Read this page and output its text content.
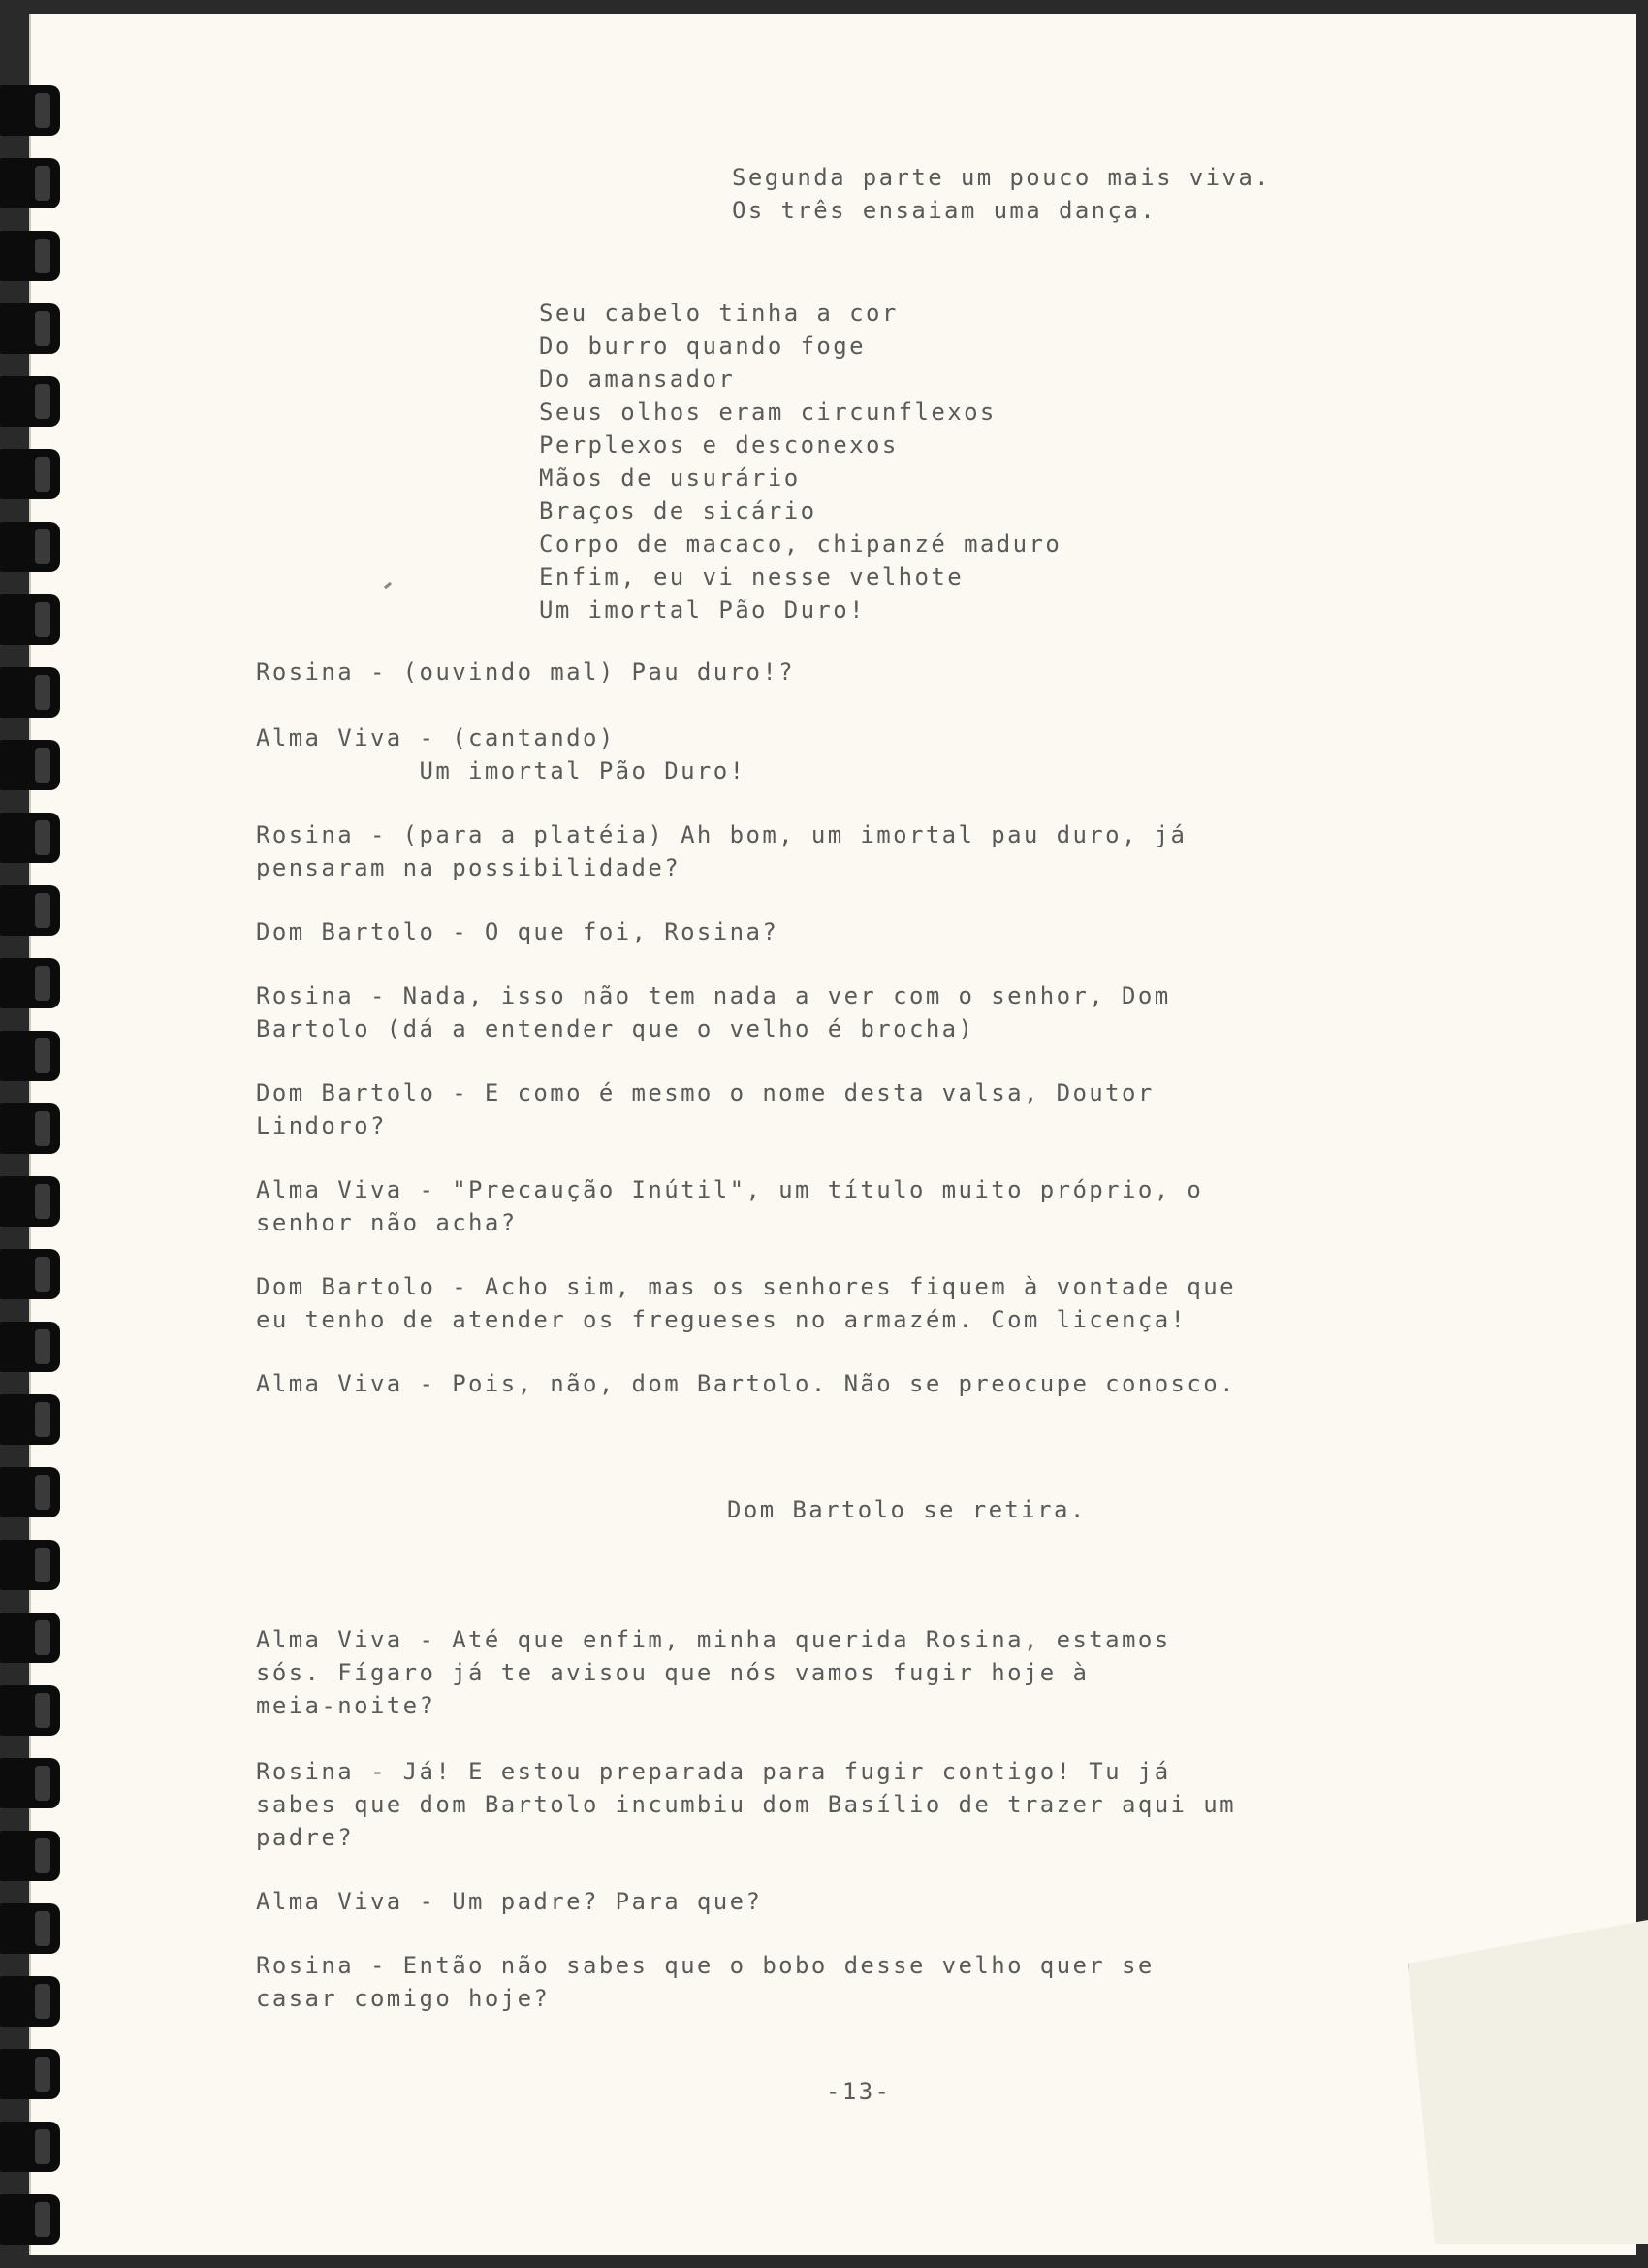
Segunda parte um pouco mais viva.

Os três ensaiam uma dança.

Seu cabelo tinha a cor

Do burro quando foge

Do amansador

Seus olhos eram circunflexos

Perplexos e desconexos

Mãos de usurário

Braços de sicário

Corpo de macaco, chipanzé maduro

Enfim, eu vi nesse velhote

Um imortal Pão Duro!

Rosina - (ouvindo mal) Pau duro!?

Alma Viva - (cantando)

Um imortal Pão Duro!

Rosina - (para a platéia) Ah bom, um imortal pau duro, já

pensaram na possibilidade?

Dom Bartolo - O que foi, Rosina?

Rosina - Nada, isso não tem nada a ver com o senhor, Dom

Bartolo (dá a entender que o velho é brocha)

Dom Bartolo - E como é mesmo o nome desta valsa, Doutor

Lindoro?

Alma Viva - "Precaução Inútil", um título muito próprio, o

senhor não acha?

Dom Bartolo - Acho sim, mas os senhores fiquem à vontade que

eu tenho de atender os fregueses no armazém. Com licença!

Alma Viva - Pois, não, dom Bartolo. Não se preocupe conosco.

Dom Bartolo se retira.

Alma Viva - Até que enfim, minha querida Rosina, estamos

sós. Fígaro já te avisou que nós vamos fugir hoje à

meia-noite?

Rosina - Já! E estou preparada para fugir contigo! Tu já

sabes que dom Bartolo incumbiu dom Basílio de trazer aqui um

padre?

Alma Viva - Um padre? Para que?

Rosina - Então não sabes que o bobo desse velho quer se

casar comigo hoje?

-13-
